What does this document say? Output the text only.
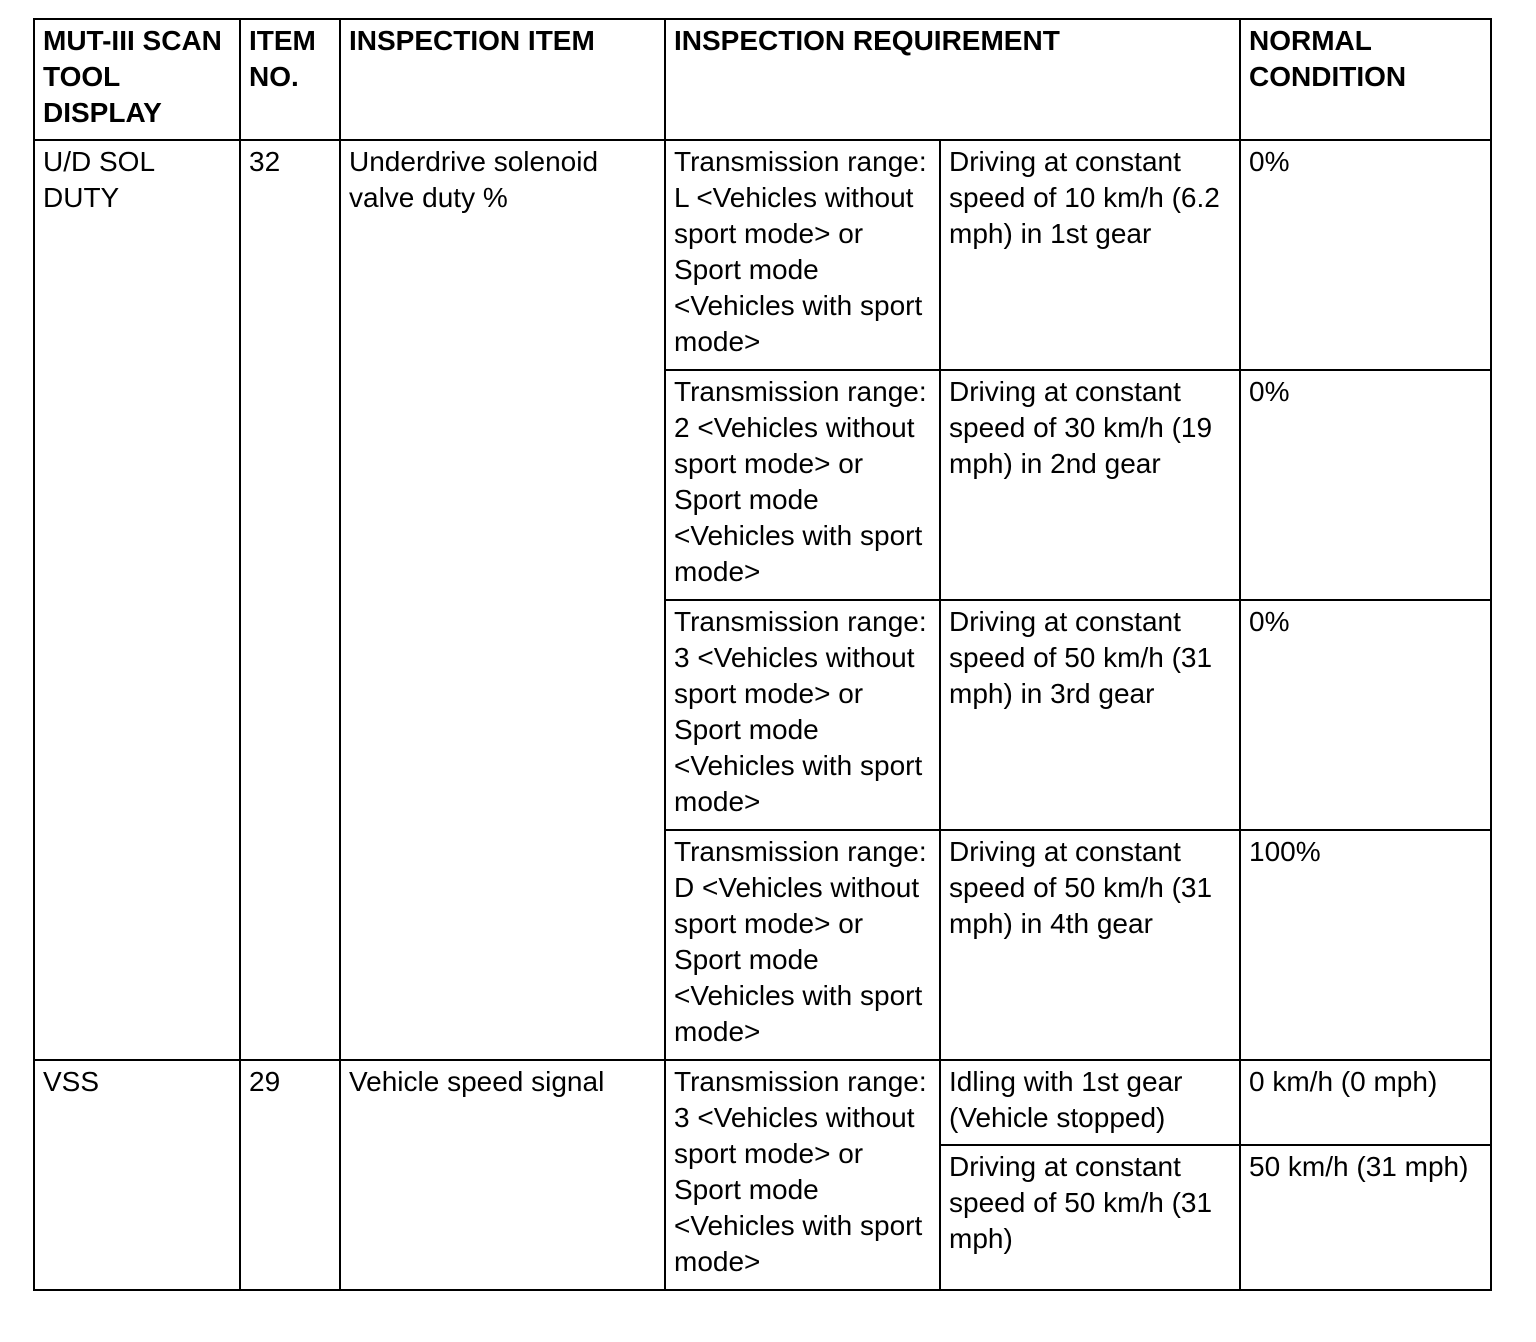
MUT-III SCAN TOOL DISPLAY	ITEM NO.	INSPECTION ITEM	INSPECTION REQUIREMENT		NORMAL CONDITION
U/D SOL DUTY	32	Underdrive solenoid valve duty %	Transmission range: L <Vehicles without sport mode> or Sport mode <Vehicles with sport mode>	Driving at constant speed of 10 km/h (6.2 mph) in 1st gear	0%
			Transmission range: 2 <Vehicles without sport mode> or Sport mode <Vehicles with sport mode>	Driving at constant speed of 30 km/h (19 mph) in 2nd gear	0%
			Transmission range: 3 <Vehicles without sport mode> or Sport mode <Vehicles with sport mode>	Driving at constant speed of 50 km/h (31 mph) in 3rd gear	0%
			Transmission range: D <Vehicles without sport mode> or Sport mode <Vehicles with sport mode>	Driving at constant speed of 50 km/h (31 mph) in 4th gear	100%
VSS	29	Vehicle speed signal	Transmission range: 3 <Vehicles without sport mode> or Sport mode <Vehicles with sport mode>	Idling with 1st gear (Vehicle stopped)	0 km/h (0 mph)
				Driving at constant speed of 50 km/h (31 mph)	50 km/h (31 mph)
